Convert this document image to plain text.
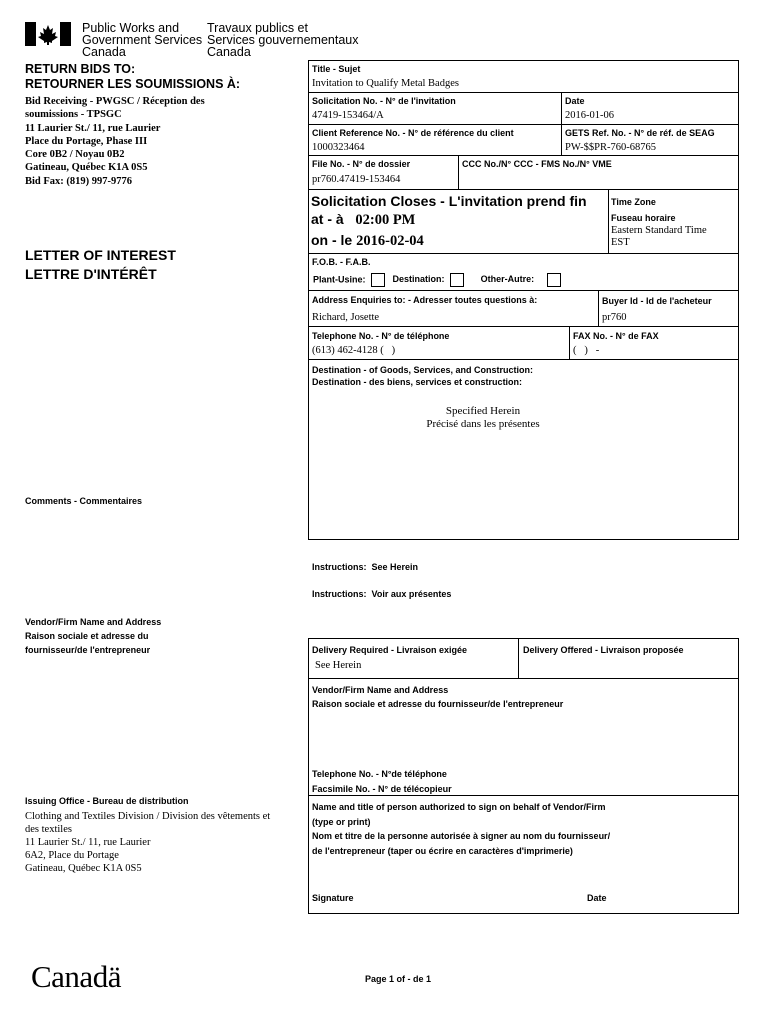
Public Works and
Government Services
Canada
Travaux publics et
Services gouvernementaux
Canada
RETURN BIDS TO:
RETOURNER LES SOUMISSIONS À:
Bid Receiving - PWGSC / Réception des
soumissions - TPSGC
11 Laurier St./ 11, rue Laurier
Place du Portage, Phase III
Core 0B2 / Noyau 0B2
Gatineau, Québec K1A 0S5
Bid Fax: (819) 997-9776
LETTER OF INTEREST
LETTRE D'INTÉRÊT
Comments - Commentaires
Vendor/Firm Name and Address
Raison sociale et adresse du
fournisseur/de l'entrepreneur
Issuing Office - Bureau de distribution
Clothing and Textiles Division / Division des vêtements et
des textiles
11 Laurier St./ 11, rue Laurier
6A2, Place du Portage
Gatineau, Québec K1A 0S5
Title - Sujet
Invitation to Qualify Metal Badges
Solicitation No. - N° de l'invitation
47419-153464/A
Date
2016-01-06
Client Reference No. - N° de référence du client
1000323464
GETS Ref. No. - N° de réf. de SEAG
PW-$$PR-760-68765
File No. - N° de dossier
pr760.47419-153464
CCC No./N° CCC - FMS No./N° VME
Solicitation Closes - L'invitation prend fin
at - à 02:00 PM
on - le 2016-02-04
Time Zone
Fuseau horaire
Eastern Standard Time
EST
F.O.B. - F.A.B.
Plant-Usine:	Destination:	Other-Autre:
Address Enquiries to: - Adresser toutes questions à:
Richard, Josette
Buyer Id - Id de l'acheteur
pr760
Telephone No. - N° de téléphone
(613) 462-4128 (   )
FAX No. - N° de FAX
(   )   -
Destination - of Goods, Services, and Construction:
Destination - des biens, services et construction:
Specified Herein
Précisé dans les présentes
Instructions:  See Herein
Instructions:  Voir aux présentes
Delivery Required - Livraison exigée
See Herein
Delivery Offered - Livraison proposée
Vendor/Firm Name and Address
Raison sociale et adresse du fournisseur/de l'entrepreneur
Telephone No. - N°de téléphone
Facsimile No. - N° de télécopieur
Name and title of person authorized to sign on behalf of Vendor/Firm
(type or print)
Nom et titre de la personne autorisée à signer au nom du fournisseur/
de l'entrepreneur (taper ou écrire en caractères d'imprimerie)
Signature	Date
Canadä	Page 1 of - de 1
